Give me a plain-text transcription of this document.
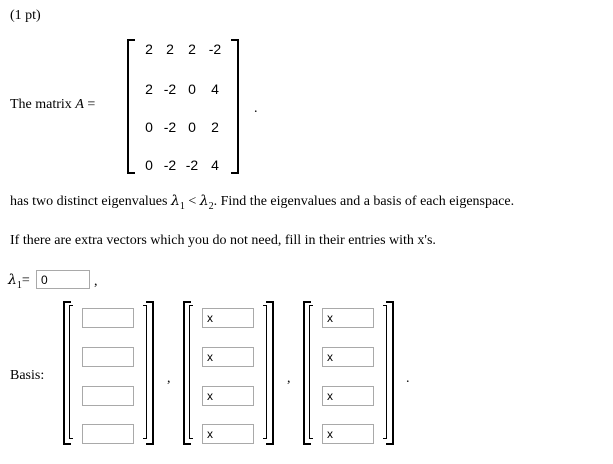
(1 pt)
The matrix A =
2 2	2 -2
2 -2 0	4
0 -2 0	2
0 -2 -2 4
.
has two distinct eigenvalues $\lambda_1 < \lambda_2$. Find the eigenvalues and a basis of each eigenspace.
If there are extra vectors which you do not need, fill in their entries with x's.
$\lambda_1=$
0	,
Basis:	,
x
x
x
x	,
x
x
x
x	.
